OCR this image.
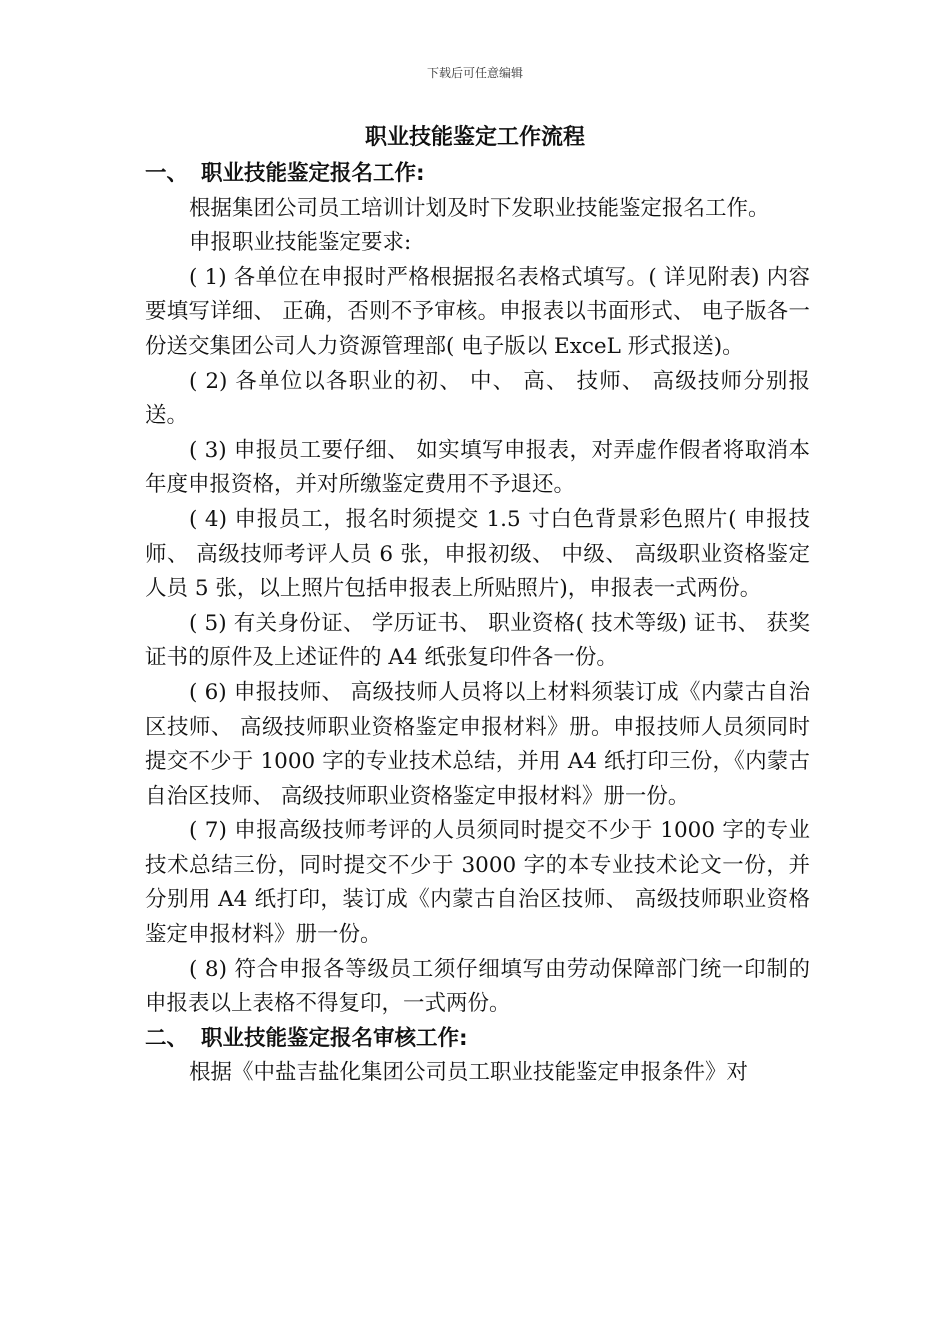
下载后可任意编辑
职业技能鉴定工作流程
一、 职业技能鉴定报名工作:

根据集团公司员工培训计划及时下发职业技能鉴定报名工作。

申报职业技能鉴定要求:

( 1) 各单位在申报时严格根据报名表格式填写。( 详见附表) 内容要填写详细、 正确，否则不予审核。申报表以书面形式、 电子版各一份送交集团公司人力资源管理部( 电子版以 ExceL 形式报送)。

( 2) 各单位以各职业的初、 中、 高、 技师、 高级技师分别报送。

( 3) 申报员工要仔细、 如实填写申报表，对弄虚作假者将取消本年度申报资格，并对所缴鉴定费用不予退还。

( 4) 申报员工，报名时须提交 1.5 寸白色背景彩色照片( 申报技师、 高级技师考评人员 6 张，申报初级、 中级、 高级职业资格鉴定人员 5 张，以上照片包括申报表上所贴照片)，申报表一式两份。

( 5) 有关身份证、 学历证书、 职业资格( 技术等级) 证书、 获奖证书的原件及上述证件的 A4 纸张复印件各一份。

( 6) 申报技师、 高级技师人员将以上材料须装订成《内蒙古自治区技师、 高级技师职业资格鉴定申报材料》册。申报技师人员须同时提交不少于 1000 字的专业技术总结，并用 A4 纸打印三份，《内蒙古自治区技师、 高级技师职业资格鉴定申报材料》册一份。

( 7) 申报高级技师考评的人员须同时提交不少于 1000 字的专业技术总结三份，同时提交不少于 3000 字的本专业技术论文一份，并分别用 A4 纸打印，装订成《内蒙古自治区技师、 高级技师职业资格鉴定申报材料》册一份。

( 8) 符合申报各等级员工须仔细填写由劳动保障部门统一印制的申报表以上表格不得复印，一式两份。

二、 职业技能鉴定报名审核工作:

根据《中盐吉盐化集团公司员工职业技能鉴定申报条件》对
